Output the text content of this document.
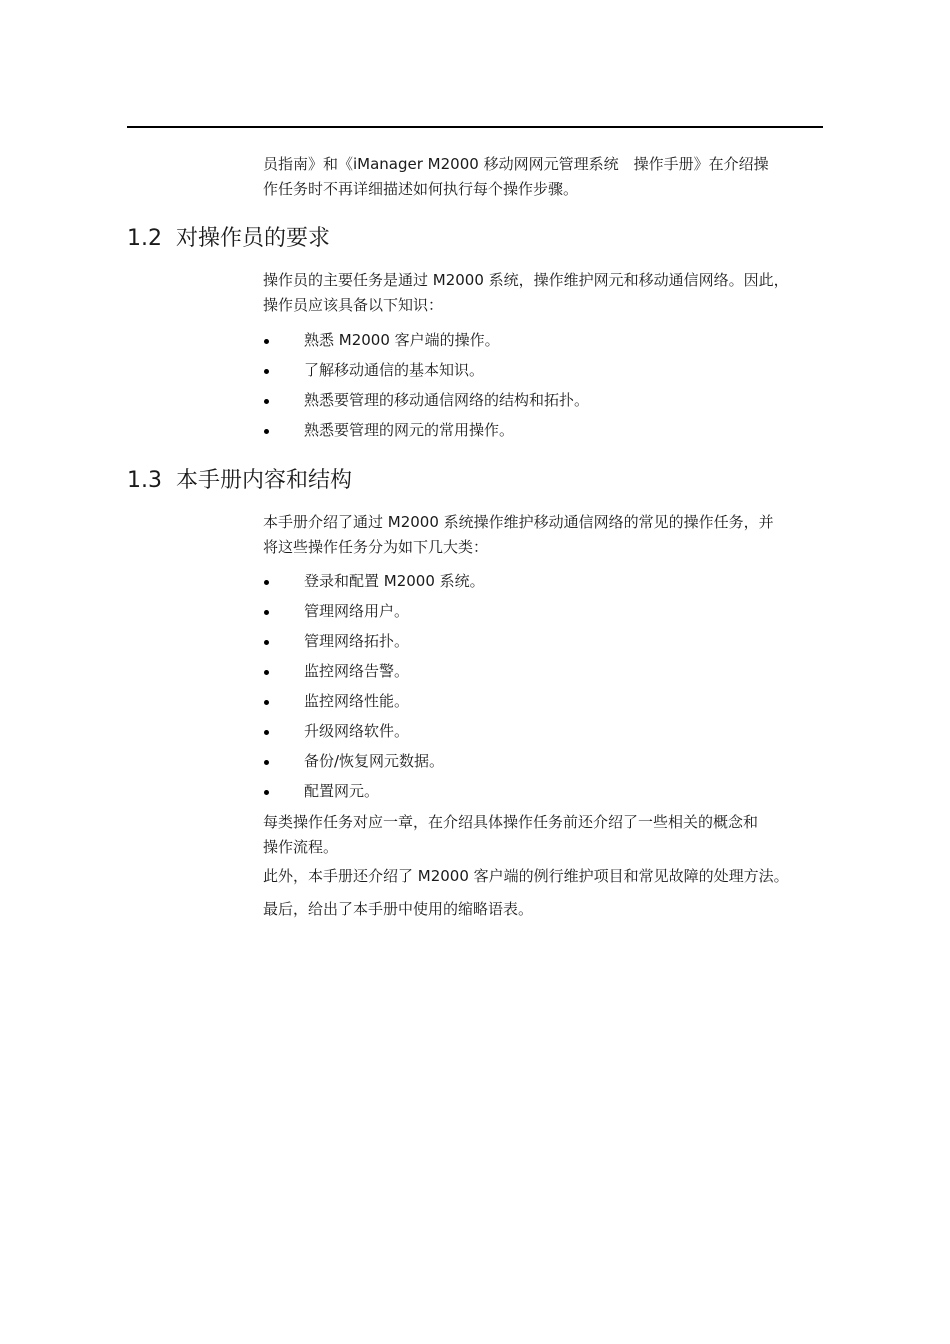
员指南》和《iManager M2000 移动网网元管理系统　操作手册》在介绍操
作任务时不再详细描述如何执行每个操作步骤。

1.2 对操作员的要求

操作员的主要任务是通过 M2000 系统，操作维护网元和移动通信网络。因此，
操作员应该具备以下知识：

熟悉 M2000 客户端的操作。
了解移动通信的基本知识。
熟悉要管理的移动通信网络的结构和拓扑。
熟悉要管理的网元的常用操作。
1.3 本手册内容和结构

本手册介绍了通过 M2000 系统操作维护移动通信网络的常见的操作任务，并
将这些操作任务分为如下几大类：

登录和配置 M2000 系统。
管理网络用户。
管理网络拓扑。
监控网络告警。
监控网络性能。
升级网络软件。
备份/恢复网元数据。
配置网元。

每类操作任务对应一章，在介绍具体操作任务前还介绍了一些相关的概念和
操作流程。

此外，本手册还介绍了 M2000 客户端的例行维护项目和常见故障的处理方法。

最后，给出了本手册中使用的缩略语表。
